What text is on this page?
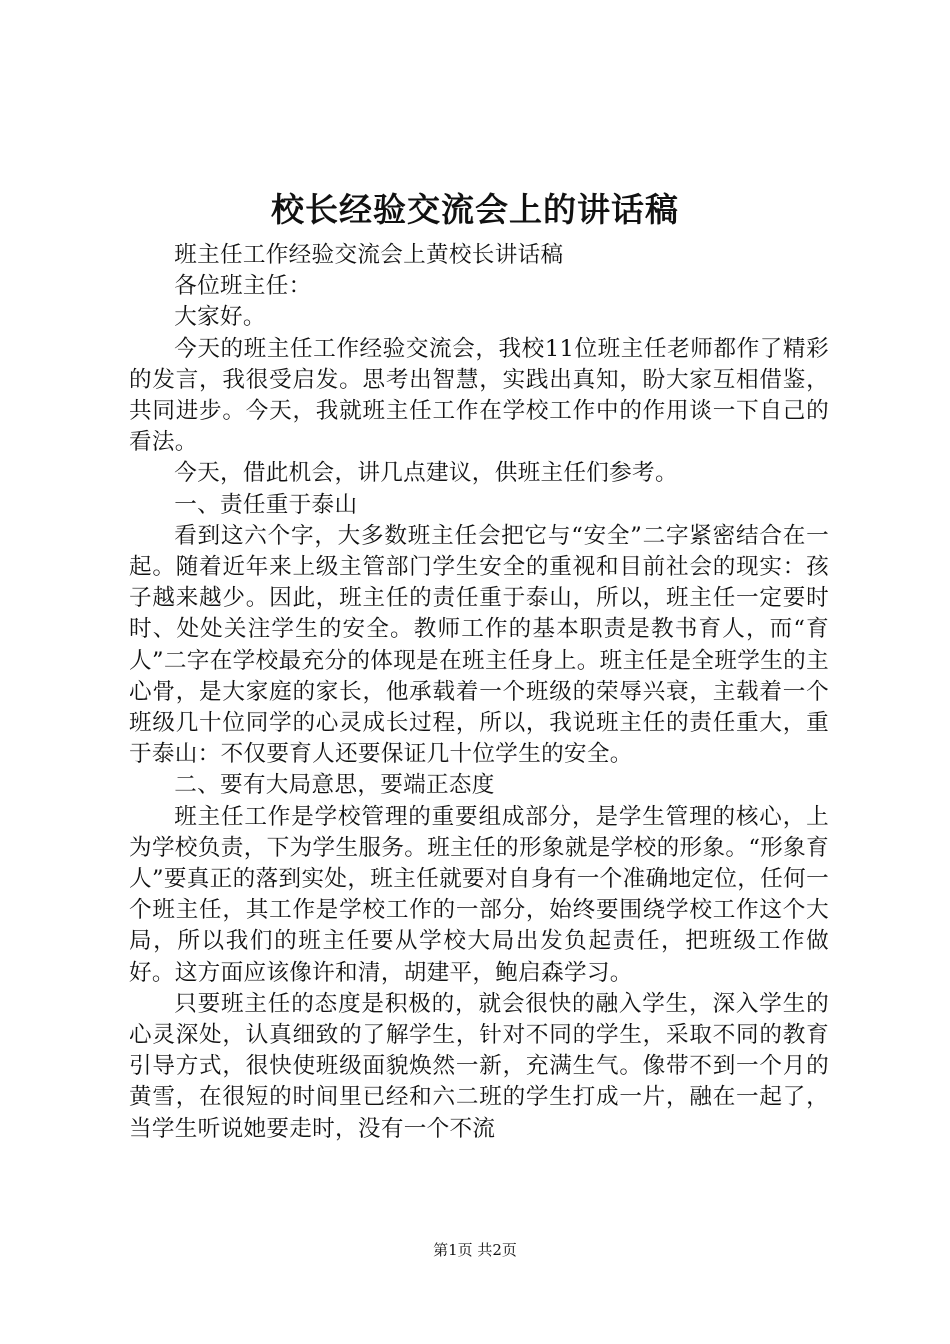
校长经验交流会上的讲话稿

班主任工作经验交流会上黄校长讲话稿

各位班主任：

大家好。

今天的班主任工作经验交流会，我校11位班主任老师都作了精彩的发言，我很受启发。思考出智慧，实践出真知，盼大家互相借鉴，共同进步。今天，我就班主任工作在学校工作中的作用谈一下自己的看法。

今天，借此机会，讲几点建议，供班主任们参考。

一、责任重于泰山

看到这六个字，大多数班主任会把它与“安全”二字紧密结合在一起。随着近年来上级主管部门学生安全的重视和目前社会的现实：孩子越来越少。因此，班主任的责任重于泰山，所以，班主任一定要时时、处处关注学生的安全。教师工作的基本职责是教书育人，而“育人”二字在学校最充分的体现是在班主任身上。班主任是全班学生的主心骨，是大家庭的家长，他承载着一个班级的荣辱兴衰，主载着一个班级几十位同学的心灵成长过程，所以，我说班主任的责任重大，重于泰山：不仅要育人还要保证几十位学生的安全。

二、要有大局意思，要端正态度

班主任工作是学校管理的重要组成部分，是学生管理的核心，上为学校负责，下为学生服务。班主任的形象就是学校的形象。“形象育人”要真正的落到实处，班主任就要对自身有一个准确地定位，任何一个班主任，其工作是学校工作的一部分，始终要围绕学校工作这个大局，所以我们的班主任要从学校大局出发负起责任，把班级工作做好。这方面应该像许和清，胡建平，鲍启森学习。

只要班主任的态度是积极的，就会很快的融入学生，深入学生的心灵深处，认真细致的了解学生，针对不同的学生，采取不同的教育引导方式，很快使班级面貌焕然一新，充满生气。像带不到一个月的黄雪，在很短的时间里已经和六二班的学生打成一片，融在一起了，当学生听说她要走时，没有一个不流

第1页 共2页
